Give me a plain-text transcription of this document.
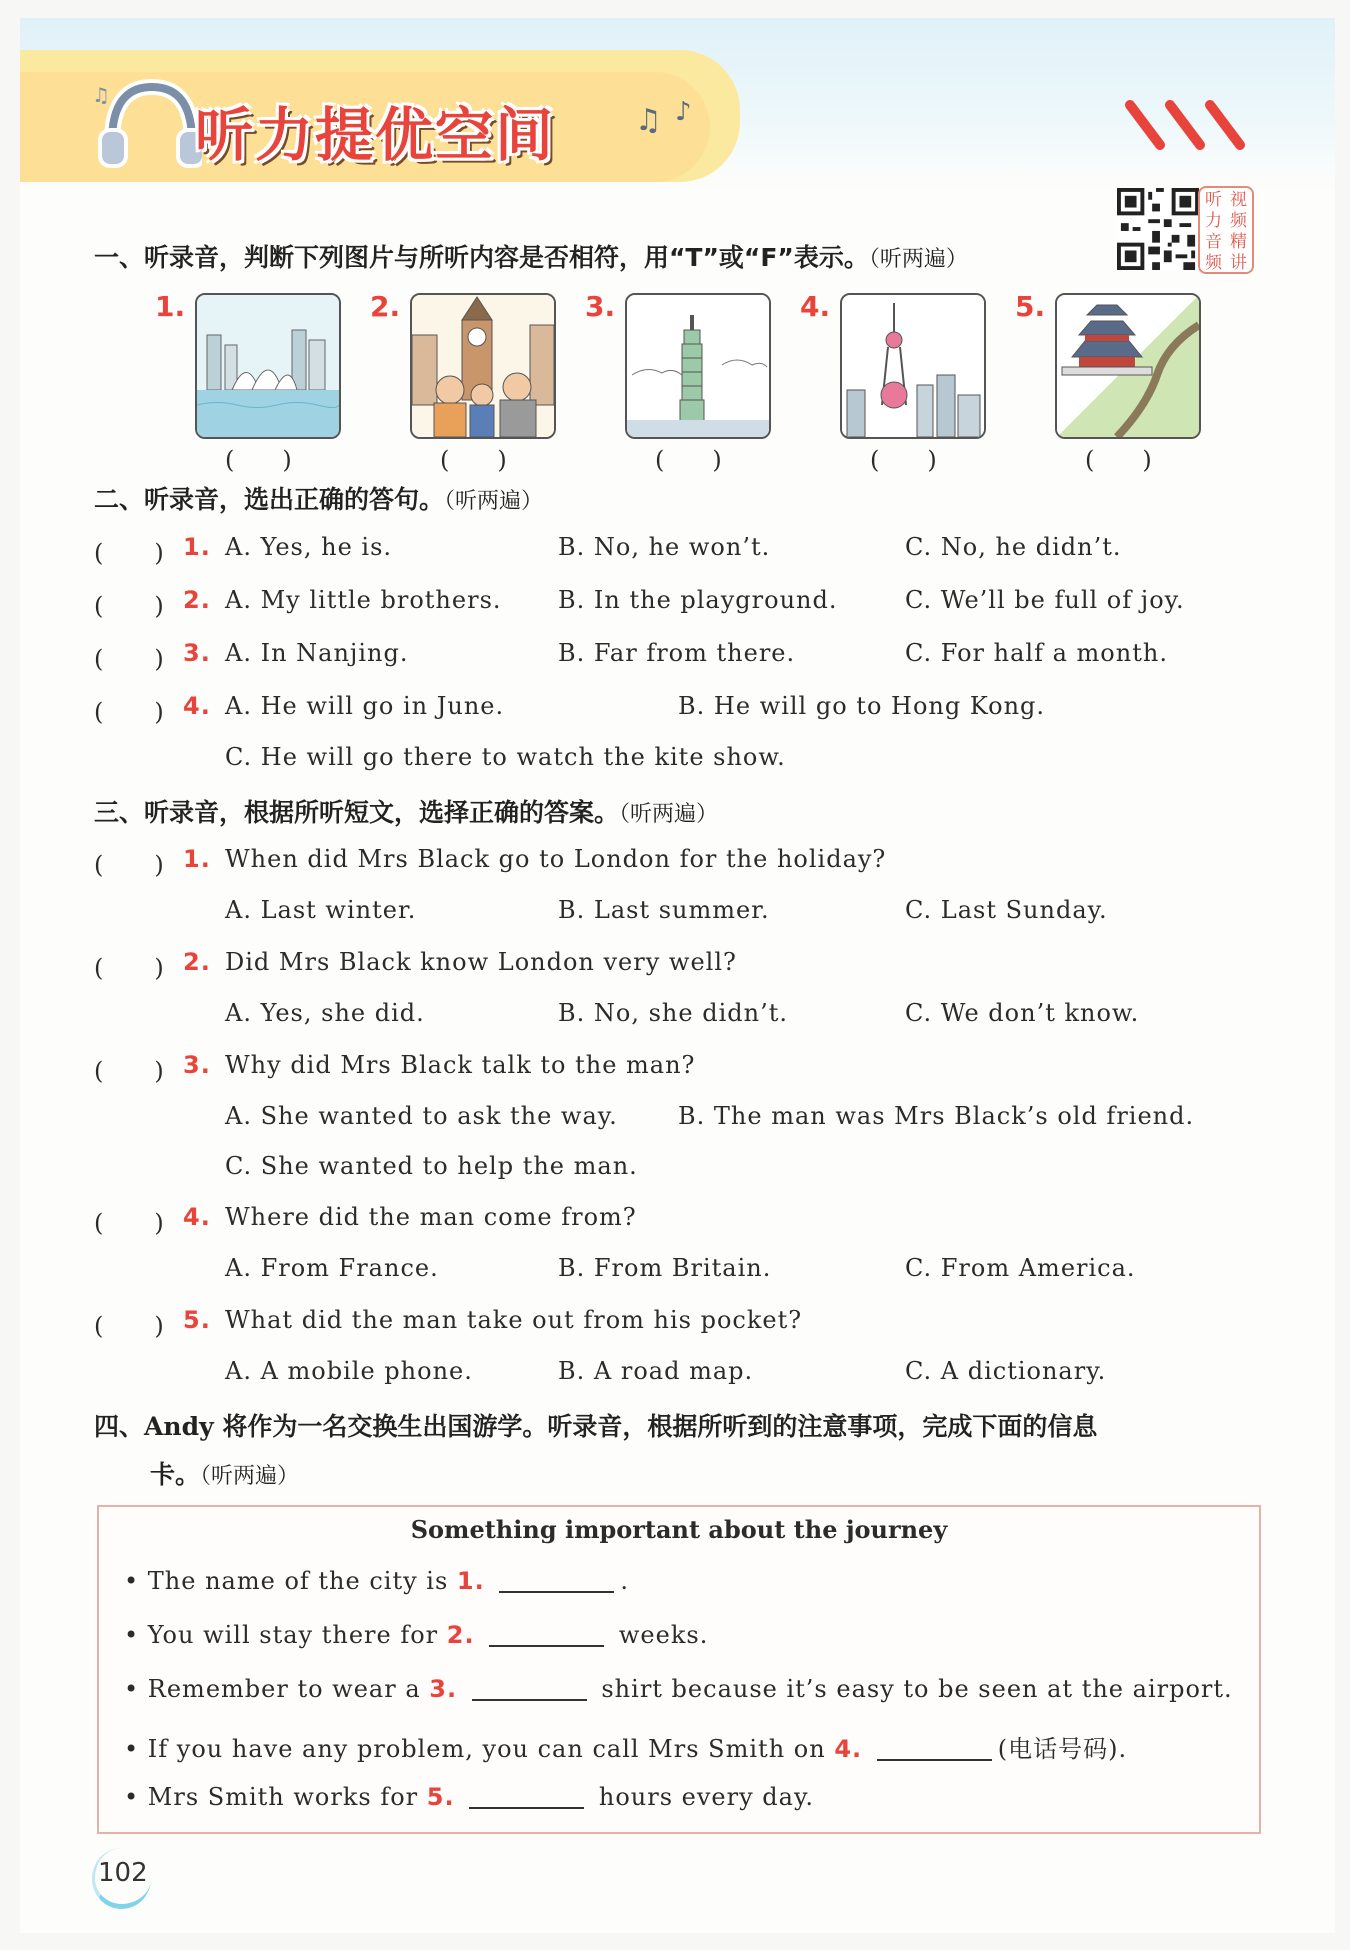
♫
听力提优空间	♫ ♪
听 视
力 频
音 精
频 讲
一、听录音，判断下列图片与所听内容是否相符，用“T”或“F”表示。（听两遍）
1.
(　　)
2.
(　　)
3.
(　　)
4.
(　　)
5.
(　　)
二、听录音，选出正确的答句。（听两遍）
(　　) 1. A. Yes, he is.	B. No, he won’t.	C. No, he didn’t.
(　　) 2. A. My little brothers. B. In the playground.	C. We’ll be full of joy.
(　　) 3. A. In Nanjing.	B. Far from there.	C. For half a month.
(　　) 4. A. He will go in June.	B. He will go to Hong Kong.
C. He will go there to watch the kite show.
三、听录音，根据所听短文，选择正确的答案。（听两遍）
(　　) 1. When did Mrs Black go to London for the holiday?
A. Last winter.	B. Last summer.	C. Last Sunday.
(　　) 2. Did Mrs Black know London very well?
A. Yes, she did.	B. No, she didn’t.	C. We don’t know.
(　　) 3. Why did Mrs Black talk to the man?
A. She wanted to ask the way.	B. The man was Mrs Black’s old friend.
C. She wanted to help the man.
(　　) 4. Where did the man come from?
A. From France.	B. From Britain.	C. From America.
(　　) 5. What did the man take out from his pocket?
A. A mobile phone.	B. A road map.	C. A dictionary.
四、Andy 将作为一名交换生出国游学。听录音，根据所听到的注意事项，完成下面的信息
卡。（听两遍）
Something important about the journey
• The name of the city is 1.	.
• You will stay there for 2.	weeks.
• Remember to wear a 3.	shirt because it’s easy to be seen at the airport.
• If you have any problem, you can call Mrs Smith on 4.	(电话号码).
• Mrs Smith works for 5.	hours every day.
102
